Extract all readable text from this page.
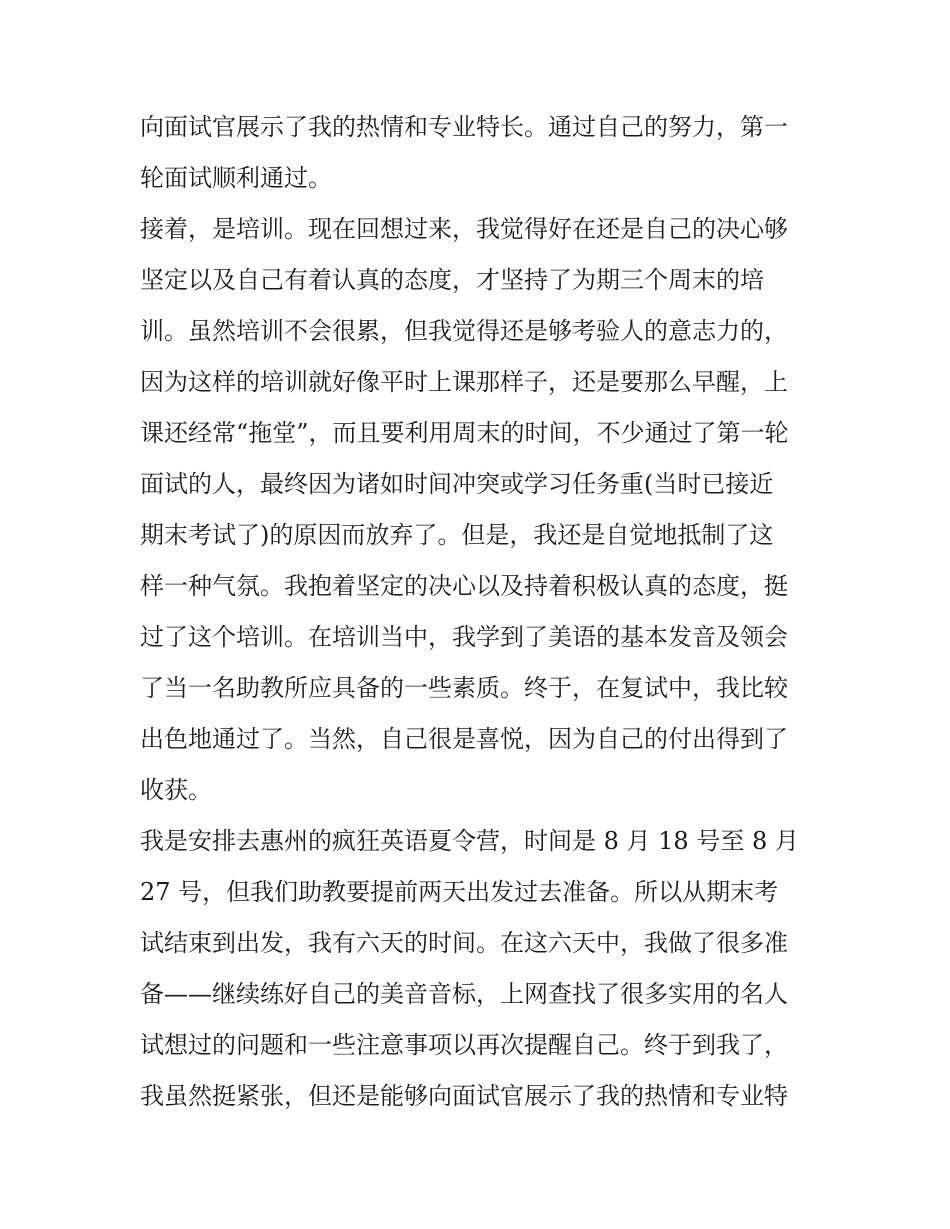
向面试官展示了我的热情和专业特长。通过自己的努力，第一
轮面试顺利通过。
接着，是培训。现在回想过来，我觉得好在还是自己的决心够
坚定以及自己有着认真的态度，才坚持了为期三个周末的培
训。虽然培训不会很累，但我觉得还是够考验人的意志力的，
因为这样的培训就好像平时上课那样子，还是要那么早醒，上
课还经常“拖堂”，而且要利用周末的时间，不少通过了第一轮
面试的人，最终因为诸如时间冲突或学习任务重(当时已接近
期末考试了)的原因而放弃了。但是，我还是自觉地抵制了这
样一种气氛。我抱着坚定的决心以及持着积极认真的态度，挺
过了这个培训。在培训当中，我学到了美语的基本发音及领会
了当一名助教所应具备的一些素质。终于，在复试中，我比较
出色地通过了。当然，自己很是喜悦，因为自己的付出得到了
收获。
我是安排去惠州的疯狂英语夏令营，时间是 8 月 18 号至 8 月
27 号，但我们助教要提前两天出发过去准备。所以从期末考
试结束到出发，我有六天的时间。在这六天中，我做了很多准
备——继续练好自己的美音音标，上网查找了很多实用的名人
试想过的问题和一些注意事项以再次提醒自己。终于到我了，
我虽然挺紧张，但还是能够向面试官展示了我的热情和专业特
